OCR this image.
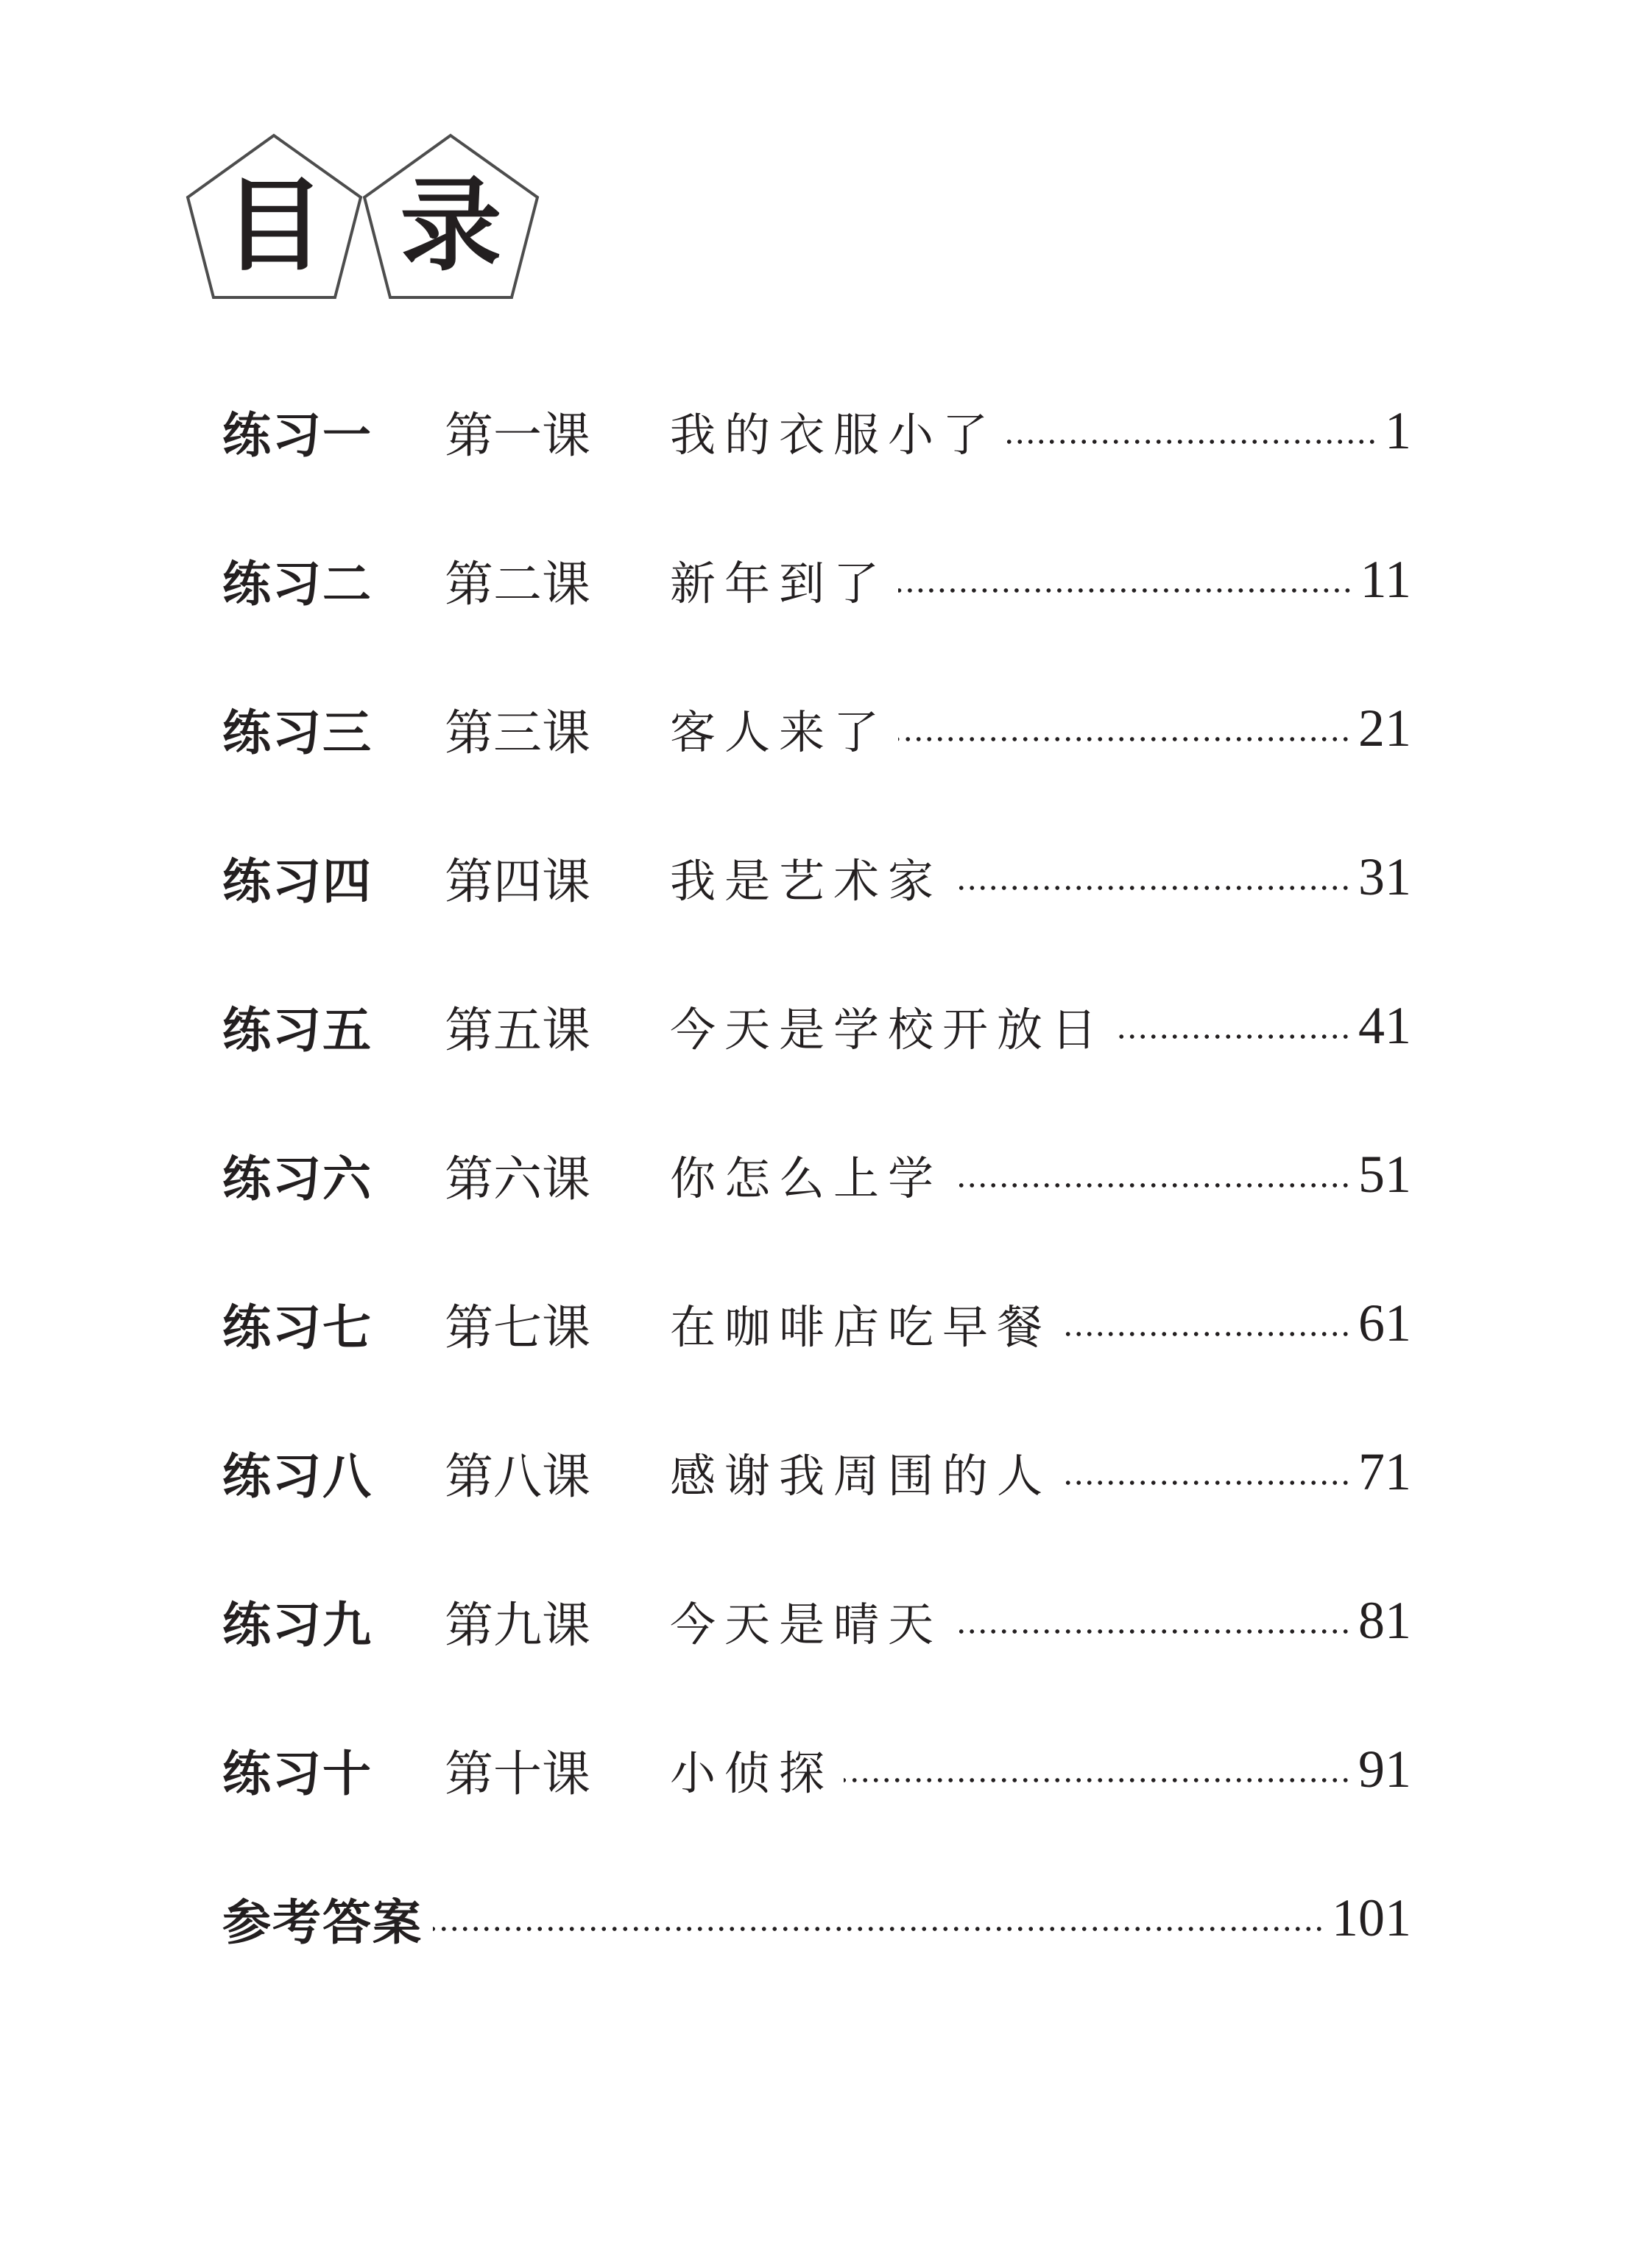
目 录
练习一	第一课	我的衣服小了	1
练习二	第二课	新年到了	11
练习三	第三课	客人来了	21
练习四	第四课	我是艺术家	31
练习五	第五课	今天是学校开放日	41
练习六	第六课	你怎么上学	51
练习七	第七课	在咖啡店吃早餐	61
练习八	第八课	感谢我周围的人	71
练习九	第九课	今天是晴天	81
练习十	第十课	小侦探	91
参考答案	101
